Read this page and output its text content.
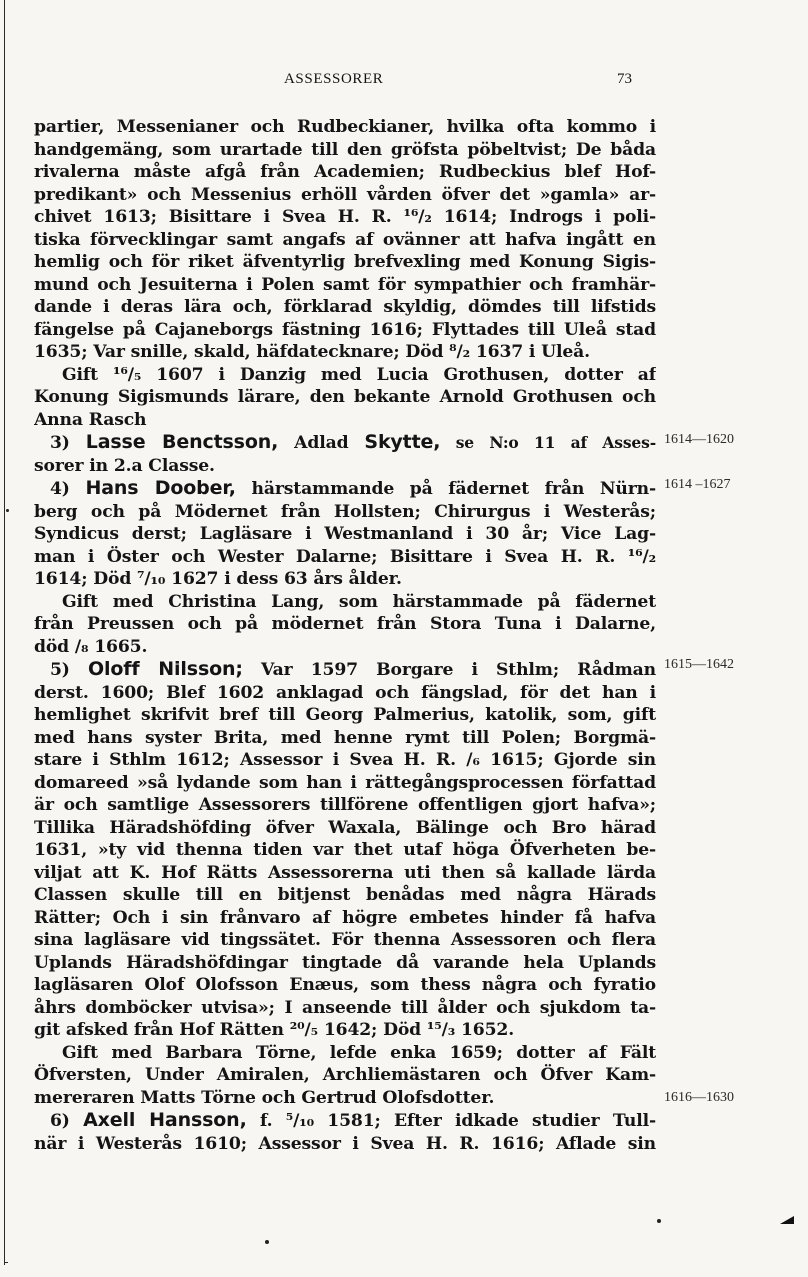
ASSESSORER	73
partier, Messenianer och Rudbeckianer, hvilka ofta kommo i
handgemäng, som urartade till den gröfsta pöbeltvist; De båda
rivalerna måste afgå från Academien; Rudbeckius blef Hof-
predikant» och Messenius erhöll vården öfver det »gamla» ar-
chivet 1613; Bisittare i Svea H. R. ¹⁶/₂ 1614; Indrogs i poli-
tiska förvecklingar samt angafs af ovänner att hafva ingått en
hemlig och för riket äfventyrlig brefvexling med Konung Sigis-
mund och Jesuiterna i Polen samt för sympathier och framhär-
dande i deras lära och, förklarad skyldig, dömdes till lifstids
fängelse på Cajaneborgs fästning 1616; Flyttades till Uleå stad
1635; Var snille, skald, häfdatecknare; Död ⁸/₂ 1637 i Uleå.
Gift ¹⁶/₅ 1607 i Danzig med Lucia Grothusen, dotter af
Konung Sigismunds lärare, den bekante Arnold Grothusen och
Anna Rasch
3) Lasse Benctsson, Adlad Skytte, se N:o 11 af Asses-
sorer in 2.a Classe.
4) Hans Doober, härstammande på fädernet från Nürn-
berg och på Mödernet från Hollsten; Chirurgus i Westerås;
Syndicus derst; Lagläsare i Westmanland i 30 år; Vice Lag-
man i Öster och Wester Dalarne; Bisittare i Svea H. R. ¹⁶/₂
1614; Död ⁷/₁₀ 1627 i dess 63 års ålder.
Gift med Christina Lang, som härstammade på fädernet
från Preussen och på mödernet från Stora Tuna i Dalarne,
död /₈ 1665.
5) Oloff Nilsson; Var 1597 Borgare i Sthlm; Rådman
derst. 1600; Blef 1602 anklagad och fängslad, för det han i
hemlighet skrifvit bref till Georg Palmerius, katolik, som, gift
med hans syster Brita, med henne rymt till Polen; Borgmä-
stare i Sthlm 1612; Assessor i Svea H. R. /₆ 1615; Gjorde sin
domareed »så lydande som han i rättegångsprocessen författad
är och samtlige Assessorers tillförene offentligen gjort hafva»;
Tillika Häradshöfding öfver Waxala, Bälinge och Bro härad
1631, »ty vid thenna tiden var thet utaf höga Öfverheten be-
viljat att K. Hof Rätts Assessorerna uti then så kallade lärda
Classen skulle till en bitjenst benådas med några Härads
Rätter; Och i sin frånvaro af högre embetes hinder få hafva
sina lagläsare vid tingssätet. För thenna Assessoren och flera
Uplands Häradshöfdingar tingtade då varande hela Uplands
lagläsaren Olof Olofsson Enæus, som thess några och fyratio
åhrs domböcker utvisa»; I anseende till ålder och sjukdom ta-
git afsked från Hof Rätten ²⁰/₅ 1642; Död ¹⁵/₃ 1652.
Gift med Barbara Törne, lefde enka 1659; dotter af Fält
Öfversten, Under Amiralen, Archliemästaren och Öfver Kam-
mereraren Matts Törne och Gertrud Olofsdotter.
6) Axell Hansson, f. ⁵/₁₀ 1581; Efter idkade studier Tull-
när i Westerås 1610; Assessor i Svea H. R. 1616; Aflade sin
1614—1620
1614 –1627
1615—1642
1616—1630
